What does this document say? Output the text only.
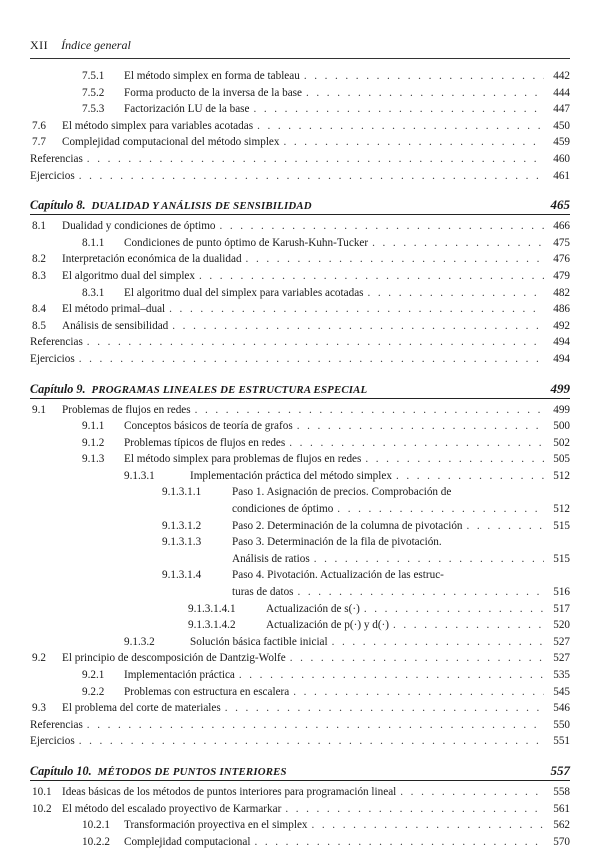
XII Índice general
7.5.1	El método simplex en forma de tableau . . .	442
7.5.2	Forma producto de la inversa de la base . . .	444
7.5.3	Factorización LU de la base . . .	447
7.6	El método simplex para variables acotadas . . .	450
7.7	Complejidad computacional del método simplex . . .	459
Referencias . . .	460
Ejercicios . . .	461
Capítulo 8. DUALIDAD Y ANÁLISIS DE SENSIBILIDAD	465
8.1	Dualidad y condiciones de óptimo . . .	466
8.1.1	Condiciones de punto óptimo de Karush-Kuhn-Tucker . . .	475
8.2	Interpretación económica de la dualidad . . .	476
8.3	El algoritmo dual del simplex . . .	479
8.3.1	El algoritmo dual del simplex para variables acotadas . . .	482
8.4	El método primal–dual . . .	486
8.5	Análisis de sensibilidad . . .	492
Referencias . . .	494
Ejercicios . . .	494
Capítulo 9. PROGRAMAS LINEALES DE ESTRUCTURA ESPECIAL	499
9.1	Problemas de flujos en redes . . .	499
9.1.1	Conceptos básicos de teoría de grafos . . .	500
9.1.2	Problemas típicos de flujos en redes . . .	502
9.1.3	El método simplex para problemas de flujos en redes . . .	505
9.1.3.1	Implementación práctica del método simplex . . .	512
9.1.3.1.1	Paso 1. Asignación de precios. Comprobación de
condiciones de óptimo . . .	512
9.1.3.1.2	Paso 2. Determinación de la columna de pivotación . . .	515
9.1.3.1.3	Paso 3. Determinación de la fila de pivotación.
Análisis de ratios . . .	515
9.1.3.1.4	Paso 4. Pivotación. Actualización de las estruc-
turas de datos . . .	516
9.1.3.1.4.1	Actualización de s(·) . . .	517
9.1.3.1.4.2	Actualización de p(·) y d(·) . . .	520
9.1.3.2	Solución básica factible inicial . . .	527
9.2	El principio de descomposición de Dantzig-Wolfe . . .	527
9.2.1	Implementación práctica . . .	535
9.2.2	Problemas con estructura en escalera . . .	545
9.3	El problema del corte de materiales . . .	546
Referencias . . .	550
Ejercicios . . .	551
Capítulo 10. MÉTODOS DE PUNTOS INTERIORES	557
10.1 Ideas básicas de los métodos de puntos interiores para programación lineal . . .	558
10.2 El método del escalado proyectivo de Karmarkar . . .	561
10.2.1	Transformación proyectiva en el simplex . . .	562
10.2.2	Complejidad computacional . . .	570
